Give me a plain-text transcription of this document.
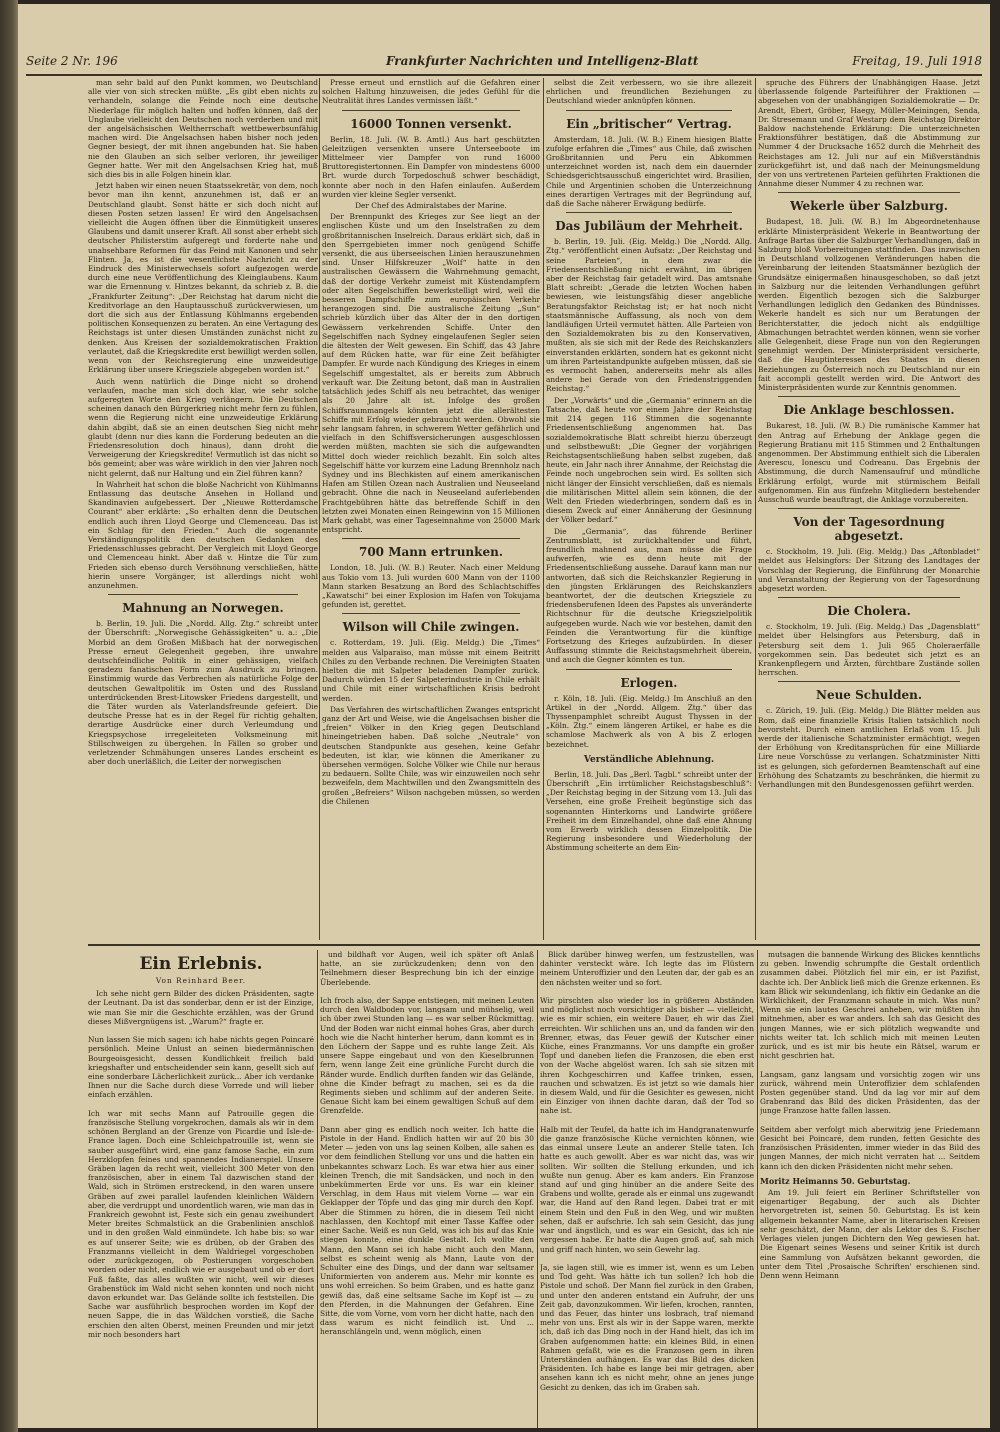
Seite 2 Nr. 196	Frankfurter Nachrichten und Intelligenz-Blatt	Freitag, 19. Juli 1918

man sehr bald auf den Punkt kommen, wo Deutschland alle vier von sich strecken müßte. „Es gibt eben nichts zu verhandeln, solange die Feinde noch eine deutsche Niederlage für möglich halten und hoffen können, daß der Unglaube vielleicht den Deutschen noch verderben und mit der angelsächsischen Weltherrschaft wettbewerbsunfähig machen wird. Die Angelsachsen haben bisher noch jeden Gegner besiegt, der mit ihnen angebunden hat. Sie haben nie den Glauben an sich selber verloren, ihr jeweiliger Gegner hatte. Wer mit den Angelsachsen Krieg hat, muß sich dies bis in alle Folgen hinein klar.

Jetzt haben wir einen neuen Staatssekretär, von dem, noch bevor man ihn kennt, anzunehmen ist, daß er an Deutschland glaubt. Sonst hätte er sich doch nicht auf diesen Posten setzen lassen! Er wird den Angelsachsen vielleicht die Augen öffnen über die Einmütigkeit unseres Glaubens und damit unserer Kraft. All sonst aber erhebt sich deutscher Philisterstim aufgeregt und forderte nahe und unabsehbare Reformen für das Feind mit Kanonen und sehr Flinten. Ja, es ist die wesentlichste Nachricht zu der Eindruck des Ministerwechsels sofort aufgezogen werde durch eine neue Veröffentlichung des Kleinglaubens. Kaum war die Ernennung v. Hintzes bekannt, da schrieb z. B. die „Frankfurter Zeitung“: „Der Reichstag hat darum nicht die Kreditvorlage an den Hauptausschuß zurückverwiesen, um dort die sich aus der Entlassung Kühlmanns ergebenden politischen Konsequenzen zu beraten. An eine Vertagung des Reichstags ist unter diesen Umständen zunächst nicht zu denken. Aus Kreisen der sozialdemokratischen Fraktion verlautet, daß die Kriegskredite erst bewilligt werden sollen, wenn von der Reichsregierung eine unzweideutige Erklärung über unsere Kriegsziele abgegeben worden ist.“

Auch wenn natürlich die Dinge nicht so drohend verlaufen, mache man sich doch klar, wie sehr solche aufgeregten Worte den Krieg verlängern. Die Deutschen scheinen danach den Bürgerkrieg nicht mehr fern zu fühlen, wenn die Regierung nicht eine unzweideutige Erklärung dahin abgibt, daß sie an einen deutschen Sieg nicht mehr glaubt (denn nur dies kann die Forderung bedeuten an die Friedensresolution doch hinaus), dann droht die Verweigerung der Kriegskredite! Vermutlich ist das nicht so bös gemeint; aber was wäre wirklich in den vier Jahren noch nicht gelernt, daß nur Haltung und ein Ziel führen kann?

In Wahrheit hat schon die bloße Nachricht von Kühlmanns Entlassung das deutsche Ansehen in Holland und Skandinavien aufgebessert. Der „Nieuwe Rotterdamsche Courant“ aber erklärte: „So erhalten denn die Deutschen endlich auch ihren Lloyd George und Clemenceau. Das ist ein Schlag für den Frieden.“ Auch die sogenannte Verständigungspolitik den deutschen Gedanken des Friedensschlusses gebracht. Der Vergleich mit Lloyd George und Clemenceau hinkt. Aber daß v. Hintze die Tür zum Frieden sich ebenso durch Versöhnung verschließen, hätte hierin unsere Vorgänger, ist allerdings nicht wohl anzunehmen.

Mahnung an Norwegen.

b. Berlin, 19. Juli. Die „Nordd. Allg. Ztg.“ schreibt unter der Überschrift: „Norwegische Gehässigkeiten“ u. a.: „Die Morbid an dem Großen Mißbach hat der norwegischen Presse erneut Gelegenheit gegeben, ihre unwahre deutschfeindliche Politik in einer gehässigen, vielfach geradezu fanatischen Form zum Ausdruck zu bringen. Einstimmig wurde das Verbrechen als natürliche Folge der deutschen Gewaltpolitik im Osten und des Russland unterdrückenden Brest-Litowsker Friedens dargestellt, und die Täter wurden als Vaterlandsfreunde gefeiert. Die deutsche Presse hat es in der Regel für richtig gehalten, derartige Ausdrücke einer durch Verleumdung und Kriegspsychose irregeleiteten Volksmeinung mit Stillschweigen zu übergehen. In Fällen so grober und verletzender Schmähungen unseres Landes erscheint es aber doch unerläßlich, die Leiter der norwegischen

Presse erneut und ernstlich auf die Gefahren einer solchen Haltung hinzuweisen, die jedes Gefühl für die Neutralität ihres Landes vermissen läßt.“

16000 Tonnen versenkt.

Berlin, 18. Juli. (W. B. Amtl.) Aus hart geschützten Geleitzügen versenkten unsere Unterseeboote im Mittelmeer vier Dampfer von rund 16000 Bruttoregistertonnen. Ein Dampfer von mindestens 6000 Brt. wurde durch Torpedoschuß schwer beschädigt, konnte aber noch in den Hafen einlaufen. Außerdem wurden vier kleine Segler versenkt.

Der Chef des Admiralstabes der Marine.

Der Brennpunkt des Krieges zur See liegt an der englischen Küste und um den Inselstraßen zu dem großbritannischen Inselreich. Daraus erklärt sich, daß in den Sperrgebieten immer noch genügend Schiffe versenkt, die aus überseeischen Linien herauszunehmen sind. Unser Hilfskreuzer „Wolf“ hatte in den australischen Gewässern die Wahrnehmung gemacht, daß der dortige Verkehr zumeist mit Küstendampfern oder alten Segelschiffen bewerkstelligt wird, weil die besseren Dampfschiffe zum europäischen Verkehr herangezogen sind. Die australische Zeitung „Sun“ schrieb kürzlich über das Alter der in den dortigen Gewässern verkehrenden Schiffe. Unter den Segelschiffen nach Sydney eingelaufenen Segler seien die ältesten der Welt gewesen. Ein Schiff, das 43 Jahre auf dem Rücken hatte, war für eine Zeit befähigter Dampfer. Er wurde nach Kündigung des Krieges in einem Segelschiff umgestaltet, als er bereits zum Abbruch verkauft war. Die Zeitung betont, daß man in Australien tatsächlich jedes Schiff als neu betrachtet, das weniger als 20 Jahre alt ist. Infolge des großen Schiffsraummangels könnten jetzt die allerältesten Schiffe mit Erfolg wieder gebraucht werden. Obwohl sie sehr langsam fahren, in schwerem Wetter gefährlich und vielfach in den Schiffsversicherungen ausgeschlossen werden müßten, machten sie sich die aufgewandten Mittel doch wieder reichlich bezahlt. Ein solch altes Segelschiff hätte vor kurzem eine Ladung Brennholz nach Sydney und ins Blechkisten auf einem amerikanischen Hafen am Stillen Ozean nach Australien und Neuseeland gebracht. Ohne die nach in Neuseeland auferlebenden Frachtgebühren hätte das betreffende Schiff in den letzten zwei Monaten einen Reingewinn von 15 Millionen Mark gehabt, was einer Tageseinnahme von 25000 Mark entspricht.

700 Mann ertrunken.

London, 18. Juli. (W. B.) Reuter. Nach einer Meldung aus Tokio vom 13. Juli wurden 600 Mann von der 1100 Mann starken Besatzung an Bord des Schlachtschiffes „Kawatschi“ bei einer Explosion im Hafen von Tokujama gefunden ist, gerettet.

Wilson will Chile zwingen.

c. Rotterdam, 19. Juli. (Eig. Meldg.) Die „Times“ melden aus Valparaiso, man müsse mit einem Beitritt Chiles zu den Verbande rechnen. Die Vereinigten Staaten hielten die mit Salpeter beladenen Dampfer zurück. Dadurch würden 15 der Salpeterindustrie in Chile erhält und Chile mit einer wirtschaftlichen Krisis bedroht werden.

Das Verfahren des wirtschaftlichen Zwanges entspricht ganz der Art und Weise, wie die Angelsachsen bisher die „freien“ Völker in den Krieg gegen Deutschland hineingetrieben haben. Daß solche „Neutrale“ von deutschen Standpunkte aus gesehen, keine Gefahr bedeuten, ist klar, wie können die Amerikaner zu übersehen vermögen. Solche Völker wie Chile nur heraus zu bedauern. Sollte Chile, was wir einzuweilen noch sehr bezweifeln, dem Machtwillen und den Zwangsmitteln des großen „Befreiers“ Wilson nachgeben müssen, so werden die Chilenen

selbst die Zeit verbessern, wo sie ihre allezeit ehrlichen und freundlichen Beziehungen zu Deutschland wieder anknüpfen können.

Ein „britischer“ Vertrag.

Amsterdam, 18. Juli. (W. B.) Einem hiesigen Blatte zufolge erfahren die „Times“ aus Chile, daß zwischen Großbritannien und Peru ein Abkommen unterzeichnet worden ist, nach dem ein dauernder Schiedsgerichtsausschuß eingerichtet wird. Brasilien, Chile und Argentinien schoben die Unterzeichnung eines derartigen Vertrages mit der Begründung auf, daß die Sache näherer Erwägung bedürfe.

Das Jubiläum der Mehrheit.

b. Berlin, 19. Juli. (Eig. Meldg.) Die „Nordd. Allg. Ztg.“ veröffentlicht einen Aufsatz: „Der Reichstag und seine Parteien“, in dem zwar die Friedensentschließung nicht erwähnt, im übrigen aber der Reichstag fair getadelt wird. Das amtsnahe Blatt schreibt: „Gerade die letzten Wochen haben bewiesen, wie leistungsfähig dieser angebliche Beratungsfaktor Reichstag ist; er hat noch nicht staatsmännische Auffassung, als noch von dem landläufigen Urteil vermutet hätten. Alle Parteien von den Sozialdemokraten bis zu den Konservativen, mußten, als sie sich mit der Rede des Reichskanzlers einverstanden erklärten, sondern hat es gekonnt nicht um ihren Parteistandpunkte aufgeben müssen, daß sie es vermocht haben, andererseits mehr als alles andere bei Gerade von den Friedenstriggenden Reichstag.“

Der „Vorwärts“ und die „Germania“ erinnern an die Tatsache, daß heute vor einem Jahre der Reichstag mit 214 gegen 116 Stimmen die sogenannte Friedensentschließung angenommen hat. Das sozialdemokratische Blatt schreibt hierzu überzeugt und selbstbewußt: „Die Gegner der vorjährigen Reichstagsentschließung haben selbst zugeben, daß heute, ein Jahr nach ihrer Annahme, der Reichstag die Feinde noch ungebrochen sein wird. Es sollten sich nicht länger der Einsicht verschließen, daß es niemals die militärischen Mittel allein sein können, die der Welt den Frieden wiederbringen, sondern daß es in diesem Zweck auf einer Annäherung der Gesinnung der Völker bedarf.“

Die „Germania“, das führende Berliner Zentrumsblatt, ist zurückhaltender und führt, freundlich mahnend aus, man müsse die Frage aufwerfen, wie es denn heute mit der Friedensentschließung aussehe. Darauf kann man nur antworten, daß sich die Reichskanzler Regierung in den jüngsten Erklärungen des Reichskanzlers beantwortet, der die deutschen Kriegsziele zu friedensberufenen Ideen des Papstes als unveränderte Richtschnur für die deutsche Kriegszielpolitik aufgegeben wurde. Nach wie vor bestehen, damit den Feinden die Verantwortung für die künftige Fortsetzung des Krieges aufzubürden. In dieser Auffassung stimmte die Reichstagsmehrheit überein, und auch die Gegner könnten es tun.

Erlogen.

r. Köln, 18. Juli. (Eig. Meldg.) Im Anschluß an den Artikel in der „Nordd. Allgem. Ztg.“ über das Thyssenpamphlet schreibt August Thyssen in der „Köln. Ztg.“ einem längeren Artikel, er habe es die schamlose Machwerk als von A bis Z erlogen bezeichnet.

Verständliche Ablehnung.

Berlin, 18. Juli. Das „Berl. Tagbl.“ schreibt unter der Überschrift „Ein irrtümlicher Reichstagsbeschluß“: „Der Reichstag beging in der Sitzung vom 13. Juli das Versehen, eine große Freiheit begünstige sich das sogenannten Hinterkorns und Landwirte größere Freiheit im dem Einzelhandel, ohne daß eine Ahnung vom Erwerb wirklich dessen Einzelpolitik. Die Regierung insbesondere und Wiederholung der Abstimmung scheiterte an dem Ein-

spruche des Führers der Unabhängigen Haase. Jetzt überlassende folgende Parteiführer der Fraktionen — abgesehen von der unabhängigen Sozialdemokratie — Dr. Arendt, Ebert, Gröber, Haegy, Müller-Meiningen, Senda, Dr. Stresemann und Graf Westarp dem Reichstag Direktor Baldow nachstehende Erklärung: Die unterzeichneten Fraktionsführer bestätigen, daß die Abstimmung zur Nummer 4 der Drucksache 1652 durch die Mehrheit des Reichstages am 12. Juli nur auf ein Mißverständnis zurückgeführt ist, und daß nach der Meinungsmeldung der von uns vertretenen Parteien geführten Fraktionen die Annahme dieser Nummer 4 zu rechnen war.

Wekerle über Salzburg.

Budapest, 18. Juli. (W. B.) Im Abgeordnetenhause erklärte Ministerpräsident Wekerle in Beantwortung der Anfrage Bartas über die Salzburger Verhandlungen, daß in Salzburg bloß Vorbereitungen stattfinden. Das inzwischen in Deutschland vollzogenen Veränderungen haben die Vereinbarung der leitenden Staatsmänner bezüglich der Grundsätze einigermaßen hinausgeschoben, so daß jetzt in Salzburg nur die leitenden Verhandlungen geführt werden. Eigentlich bezogen sich die Salzburger Verhandlungen lediglich den Gedanken des Bündnisses. Wekerle handelt es sich nur um Beratungen der Berichterstatter, die jedoch nicht als endgültige Abmachungen betrachtet werden können, wenn sie vorher alle Gelegenheit, diese Frage nun von den Regierungen genehmigt werden. Der Ministerpräsident versicherte, daß die Hauptinteressen des Staates in diesen Beziehungen zu Österreich noch zu Deutschland nur ein fait accompli gestellt werden wird. Die Antwort des Ministerpräsidenten wurde zur Kenntnis genommen.

Die Anklage beschlossen.

Bukarest, 18. Juli. (W. B.) Die rumänische Kammer hat den Antrag auf Erhebung der Anklage gegen die Regierung Bratianu mit 115 Stimmen und 2 Enthaltungen angenommen. Der Abstimmung enthielt sich die Liberalen Averescu, Ionescu und Codreanu. Das Ergebnis der Abstimmung, die durch Namensaufruf und mündliche Erklärung erfolgt, wurde mit stürmischem Beifall aufgenommen. Ein aus fünfzehn Mitgliedern bestehender Ausschuß wurde beauftragt, die Anklage vorzubereiten.

Von der Tagesordnung abgesetzt.

c. Stockholm, 19. Juli. (Eig. Meldg.) Das „Aftonbladet“ meldet aus Helsingfors: Der Sitzung des Landtages der Vorschlag der Regierung, die Einführung der Monarchie und Veranstaltung der Regierung von der Tagesordnung abgesetzt worden.

Die Cholera.

c. Stockholm, 19. Juli. (Eig. Meldg.) Das „Dagensblatt“ meldet über Helsingfors aus Petersburg, daß in Petersburg seit dem 1. Juli 965 Choleraerfälle vorgekommen sein. Das bedeutet sich jetzt es an Krankenpflegern und Ärzten, fürchtbare Zustände sollen herrschen.

Neue Schulden.

c. Zürich, 19. Juli. (Eig. Meldg.) Die Blätter melden aus Rom, daß eine finanzielle Krisis Italien tatsächlich noch bevorsteht. Durch einen amtlichen Erlaß vom 15. Juli werde der italienische Schatzminister ermächtigt, wegen der Erhöhung von Kreditansprüchen für eine Milliarde Lire neue Vorschüsse zu verlangen. Schatzminister Nitti ist es gelungen, sich gefordernen Beamtenschaft auf eine Erhöhung des Schatzamts zu beschränken, die hiermit zu Verhandlungen mit den Bundesgenossen geführt werden.

Ein Erlebnis.
Von Reinhard Beer.

Ich sehe nicht gern Bilder des dicken Präsidenten, sagte der Leutnant. Da ist das sonderbar, denn er ist der Einzige, wie man Sie mir die Geschichte erzählen, was der Grund dieses Mißvergnügens ist. „Warum?“ fragte er.

Nun lassen Sie mich sagen: ich habe nichts gegen Poincaré persönlich. Meine Unlust an seinen biedermännischen Bourgeoisgesicht, dessen Kundlichkeit freilich bald kriegshafter und entscheidender sein kann, gesellt sich auf eine sonderbare Lächerlichkeit zurück... Aber ich verdanke Ihnen nur die Sache durch diese Vorrede und will lieber einfach erzählen.

Ich war mit sechs Mann auf Patrouille gegen die französische Stellung vorgekrochen, damals als wir in dem schönen Bergland an der Grenze von Picardie und Isle-de-France lagen. Doch eine Schleichpatrouille ist, wenn sie sauber ausgeführt wird, eine ganz famose Sache, ein zum Herzklopfen feines und spannendes Indianerspiel. Unsere Gräben lagen da recht weit, vielleicht 300 Meter von den französischen, aber in einem Tal dazwischen stand der Wald, sich in Strömen erstreckend, in den waren unsere Gräben auf zwei parallel laufenden kleinlichen Wäldern aber, die verdruppt und unordentlich waren, wie man das in Frankreich gewohnt ist, Feste sich ein genau zweihundert Meter breites Schmalstück an die Grabenlinien anschloß und in den großen Wald einmündete. Ich habe bis: so war es auf unserer Seite; wie es drüben, ob der Graben des Franzmanns vielleicht in dem Waldriegel vorgeschoben oder zurückgezogen, ob Postierungen vorgeschoben worden oder nicht, endlich wie er ausgebaut und ob er dort Fuß faßte, das alles wußten wir nicht, weil wir dieses Grabenstück im Wald nicht sehen konnten und noch nicht davon erkundet war. Das Gelände sollte ich feststellen. Die Sache war ausführlich besprochen worden im Kopf der neuen Sappe, die in das Wäldchen vorstieß, die Sache erschien den alten Oberst, meinen Freunden und mir jetzt mir noch besonders hart

und bildhaft vor Augen, weil ich später oft Anlaß hatte, an sie zurückzudenken; denn von den Teilnehmern dieser Besprechung bin ich der einzige Überlebende.

Ich froch also, der Sappe entstiegen, mit meinen Leuten durch den Waldboden vor, langsam und mühselig, weil ich über zwei Stunden lang — es war selber Rückmittag. Und der Boden war nicht einmal hohes Gras, aber durch hoch wie die Nacht hinterher herum, dann kommt es in den Löchern der Sappe und es ruhte lange Zeit. Als unsere Sappe eingebaut und von den Kieselbrunnen fern, wenn lange Zeit eine grünliche Furcht durch die Ränder wurde. Endlich durften fanden wir das Gelände, ohne die Kinder befragt zu machen, sei es da die Regiments sieben und schlimm auf der anderen Seite. Genaue Sicht kam bei einem gewaltigen Schuß auf dem Grenzfelde.

Dann aber ging es endlich noch weiter. Ich hatte die Pistole in der Hand. Endlich hatten wir auf 20 bis 30 Meter — jeden von uns lag seinen Kolben, alle sahen es vor dem feindlichen Stellung vor uns und die hatten ein unbekanntes schwarz Loch. Es war etwa hier aus einer kleinen Trench, die mit Sandsäcken, und noch in den unbekümmerten Erde vor uns. Es war ein kleiner Verschlag, in dem Haus mit vielem Vorne — war ein Geklapper der Töpfe und das ging mir durch den Kopf. Aber die Stimmen zu hören, die in diesem Teil nicht nachlassen, den Kochtopf mit einer Tasse Kaffee oder einer Sache. Weiß es nun Geld, was ich bis auf das Knie stiegen konnte, eine dunkle Gestalt. Ich wollte den Mann, den Mann sei ich habe nicht auch den Mann, selbst es scheint wenig als Mann, Laute von der Schulter eine des Dings, und der dann war seltsamer Uniformierten von anderem aus. Mehr mir konnte es uns wohl erreichen. So beim Graben, und es hatte ganz gewiß das, daß eine seltsame Sache im Kopf ist — zu den Pferden, in die Mahnungen der Gefahren. Eine Sitte, die vom Vorne, vom vorn her dicht hatte, nach den dass warum es nicht feindlich ist. Und ... heranschlängeln und, wenn möglich, einen

Blick darüber hinweg werfen, um festzustellen, was dahinter versteckt wäre. Ich legte das im Flüstern meinem Unteroffizier und den Leuten dar, der gab es an den nächsten weiter und so fort.

Wir pirschten also wieder los in größeren Abständen und möglichst noch vorsichtiger als bisher — vielleicht, wie es mir schien, ein weitere Dauer, eh wir das Ziel erreichten. Wir schlichen uns an, und da fanden wir den Brenner, etwas, das Feuer gewiß der Kutscher einer Küche, eines Franzmanns. Vor uns dampfte ein großer Topf und daneben liefen die Franzosen, die eben erst von der Wache abgelöst waren. Ich sah sie sitzen mit ihren Kochgeschirren und Kaffee trinken, essen, rauchen und schwatzen. Es ist jetzt so wie damals hier in diesem Wald, und für die Gesichter es gewesen, nicht ein Einziger von ihnen dachte daran, daß der Tod so nahe ist.

Halb mit der Teufel, da hatte ich im Handgranatenwurfe die ganze französische Küche vernichten können, wie das einmal unsere Leute an anderer Stelle taten. Ich hatte es auch gewollt. Aber es war nicht das, was wir sollten. Wir sollten die Stellung erkunden, und ich wußte nun genug. Aber es kam anders. Ein Franzose stand auf und ging hinüber an die andere Seite des Grabens und wollte, gerade als er einmal uns zugewandt war, die Hand auf den Rand legen. Dabei trat er mit einem Stein und den Fuß in den Weg, und wir mußten sehen, daß er aufschrie. Ich sah sein Gesicht, das jung war und ängstlich, und es war ein Gesicht, das ich nie vergessen habe. Er hatte die Augen groß auf, sah mich und griff nach hinten, wo sein Gewehr lag.

Ja, sie lagen still, wie es immer ist, wenn es um Leben und Tod geht. Was hätte ich tun sollen? Ich hob die Pistole und schoß. Der Mann fiel zurück in den Graben, und unter den anderen entstand ein Aufruhr, der uns Zeit gab, davonzukommen. Wir liefen, krochen, rannten, und das Feuer, das hinter uns losbrach, traf niemand mehr von uns. Erst als wir in der Sappe waren, merkte ich, daß ich das Ding noch in der Hand hielt, das ich im Graben aufgenommen hatte: ein kleines Bild, in einen Rahmen gefaßt, wie es die Franzosen gern in ihren Unterständen aufhängen. Es war das Bild des dicken Präsidenten. Ich habe es lange bei mir getragen, aber ansehen kann ich es nicht mehr, ohne an jenes junge Gesicht zu denken, das ich im Graben sah.

mutsagen die bannende Wirkung des Blickes kenntlichs zu geben. Inwendig schrumpfte die Gestalt ordentlich zusammen dabei. Plötzlich fiel mir ein, er ist Pazifist, dachte ich. Der Anblick ließ mich die Grenze erkennen. Es kam Blick wir sekundenlang, ich fiktiv ein Gedanke an die Wirklichkeit, der Franzmann schaute in mich. Was nun? Wenn sie ein lautes Geschrei anheben, wir müßten ihn mitnehmen, aber es war anders. Ich sah das Gesicht des jungen Mannes, wie er sich plötzlich wegwandte und nichts weiter tat. Ich schlich mich mit meinen Leuten zurück, und es ist mir bis heute ein Rätsel, warum er nicht geschrien hat.

Langsam, ganz langsam und vorsichtig zogen wir uns zurück, während mein Unteroffizier dem schlafenden Posten gegenüber stand. Und da lag vor mir auf dem Grabenrand das Bild des dicken Präsidenten, das der junge Franzose hatte fallen lassen.

Seitdem aber verfolgt mich aberwitzig jene Friedemann Gesicht bei Poincaré, dem runden, fetten Gesichte des französischen Präsidenten, immer wieder in das Bild des jungen Mannes, der mich nicht verraten hat ... Seitdem kann ich den dicken Präsidenten nicht mehr sehen.

Moritz Heimanns 50. Geburtstag.

Am 19. Juli feiert ein Berliner Schriftsteller von eigenartiger Begabung, der auch als Dichter hervorgetreten ist, seinen 50. Geburtstag. Es ist kein allgemein bekannter Name, aber in literarischen Kreisen sehr geschätzt, der Mann, der als Lektor des S. Fischer Verlages vielen jungen Dichtern den Weg gewiesen hat. Die Eigenart seines Wesens und seiner Kritik ist durch eine Sammlung von Aufsätzen bekannt geworden, die unter dem Titel ‚Prosaische Schriften' erschienen sind. Denn wenn Heimann
